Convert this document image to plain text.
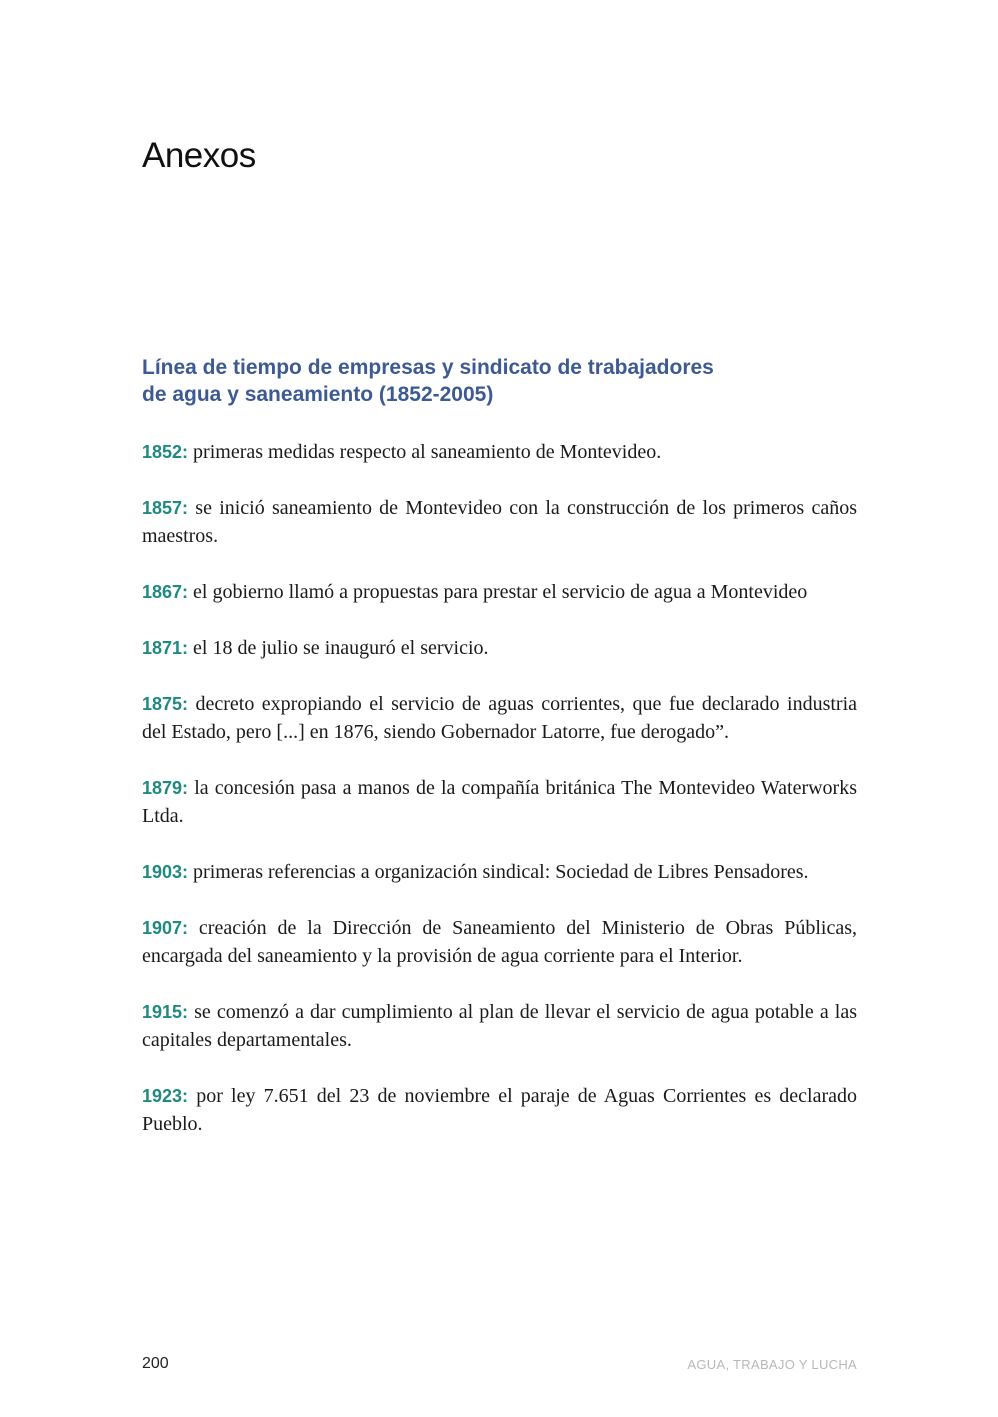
Anexos
Línea de tiempo de empresas y sindicato de trabajadores
de agua y saneamiento (1852-2005)
1852: primeras medidas respecto al saneamiento de Montevideo.
1857: se inició saneamiento de Montevideo con la construcción de los primeros caños maestros.
1867: el gobierno llamó a propuestas para prestar el servicio de agua a Montevideo
1871: el 18 de julio se inauguró el servicio.
1875: decreto expropiando el servicio de aguas corrientes, que fue declarado industria del Estado, pero [...] en 1876, siendo Gobernador Latorre, fue derogado”.
1879: la concesión pasa a manos de la compañía británica The Montevideo Waterworks Ltda.
1903: primeras referencias a organización sindical: Sociedad de Libres Pensadores.
1907: creación de la Dirección de Saneamiento del Ministerio de Obras Públicas, encargada del saneamiento y la provisión de agua corriente para el Interior.
1915: se comenzó a dar cumplimiento al plan de llevar el servicio de agua potable a las capitales departamentales.
1923: por ley 7.651 del 23 de noviembre el paraje de Aguas Corrientes es declarado Pueblo.
200	AGUA, TRABAJO Y LUCHA
